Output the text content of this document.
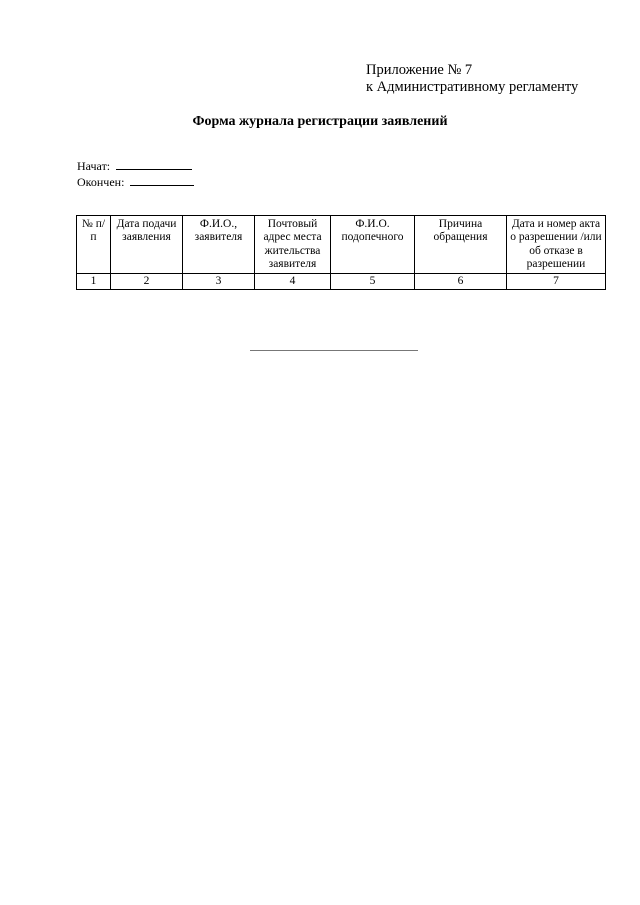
Приложение № 7
к Административному регламенту
Форма журнала регистрации заявлений
Начат:
Окончен:
№ п/п	Дата подачи заявления	Ф.И.О., заявителя	Почтовый адрес места жительства заявителя	Ф.И.О. подопечного	Причина обращения	Дата и номер акта о разрешении /или об отказе в разрешении
1	2	3	4	5	6	7
